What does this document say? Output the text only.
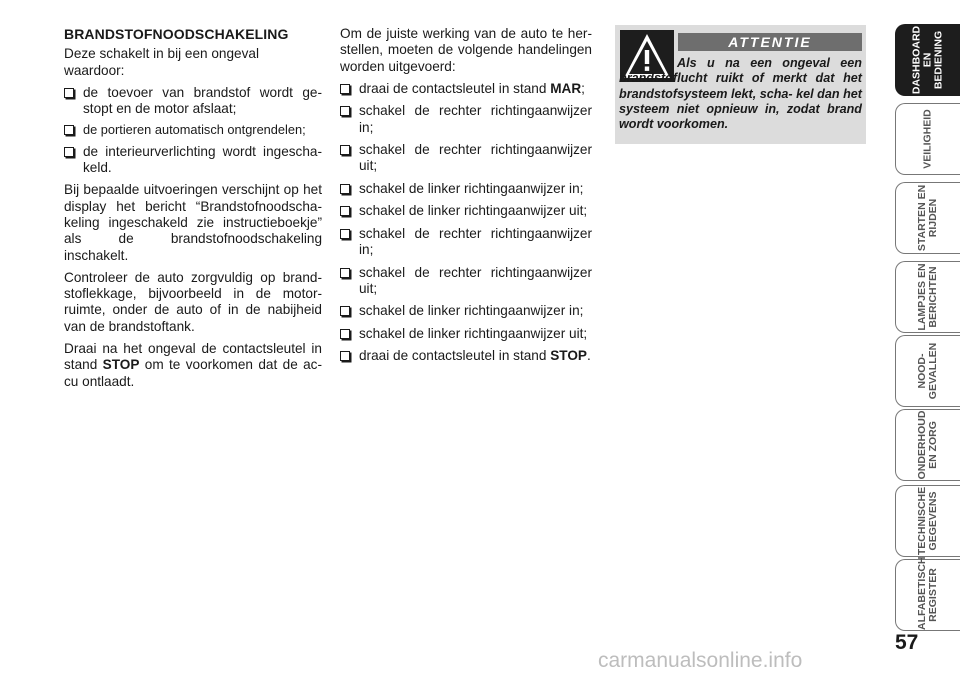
BRANDSTOFNOODSCHAKELING

Deze schakelt in bij een ongeval waardoor:

de toevoer van brandstof wordt ge- stopt en de motor afslaat;
de portieren automatisch ontgrendelen;
de interieurverlichting wordt ingescha- keld.

Bij bepaalde uitvoeringen verschijnt op het display het bericht “Brandstofnoodscha- keling ingeschakeld zie instructieboekje” als de brandstofnoodschakeling inschakelt.

Controleer de auto zorgvuldig op brand- stoflekkage, bijvoorbeeld in de motor- ruimte, onder de auto of in de nabijheid van de brandstoftank.

Draai na het ongeval de contactsleutel in stand STOP om te voorkomen dat de ac- cu ontlaadt.

Om de juiste werking van de auto te her- stellen, moeten de volgende handelingen worden uitgevoerd:

draai de contactsleutel in stand MAR;
schakel de rechter richtingaanwijzer in;
schakel de rechter richtingaanwijzer uit;
schakel de linker richtingaanwijzer in;
schakel de linker richtingaanwijzer uit;
schakel de rechter richtingaanwijzer in;
schakel de rechter richtingaanwijzer uit;
schakel de linker richtingaanwijzer in;
schakel de linker richtingaanwijzer uit;
draai de contactsleutel in stand STOP.
ATTENTIE
Als u na een ongeval een brandstoflucht ruikt of merkt dat het brandstofsysteem lekt, scha- kel dan het systeem niet opnieuw in, zodat brand wordt voorkomen.
DASHBOARD
EN BEDIENING
VEILIGHEID
STARTEN EN
RIJDEN
LAMPJES EN
BERICHTEN
NOOD-
GEVALLEN
ONDERHOUD
EN ZORG
TECHNISCHE
GEGEVENS
ALFABETISCH
REGISTER
57
carmanualsonline.info
